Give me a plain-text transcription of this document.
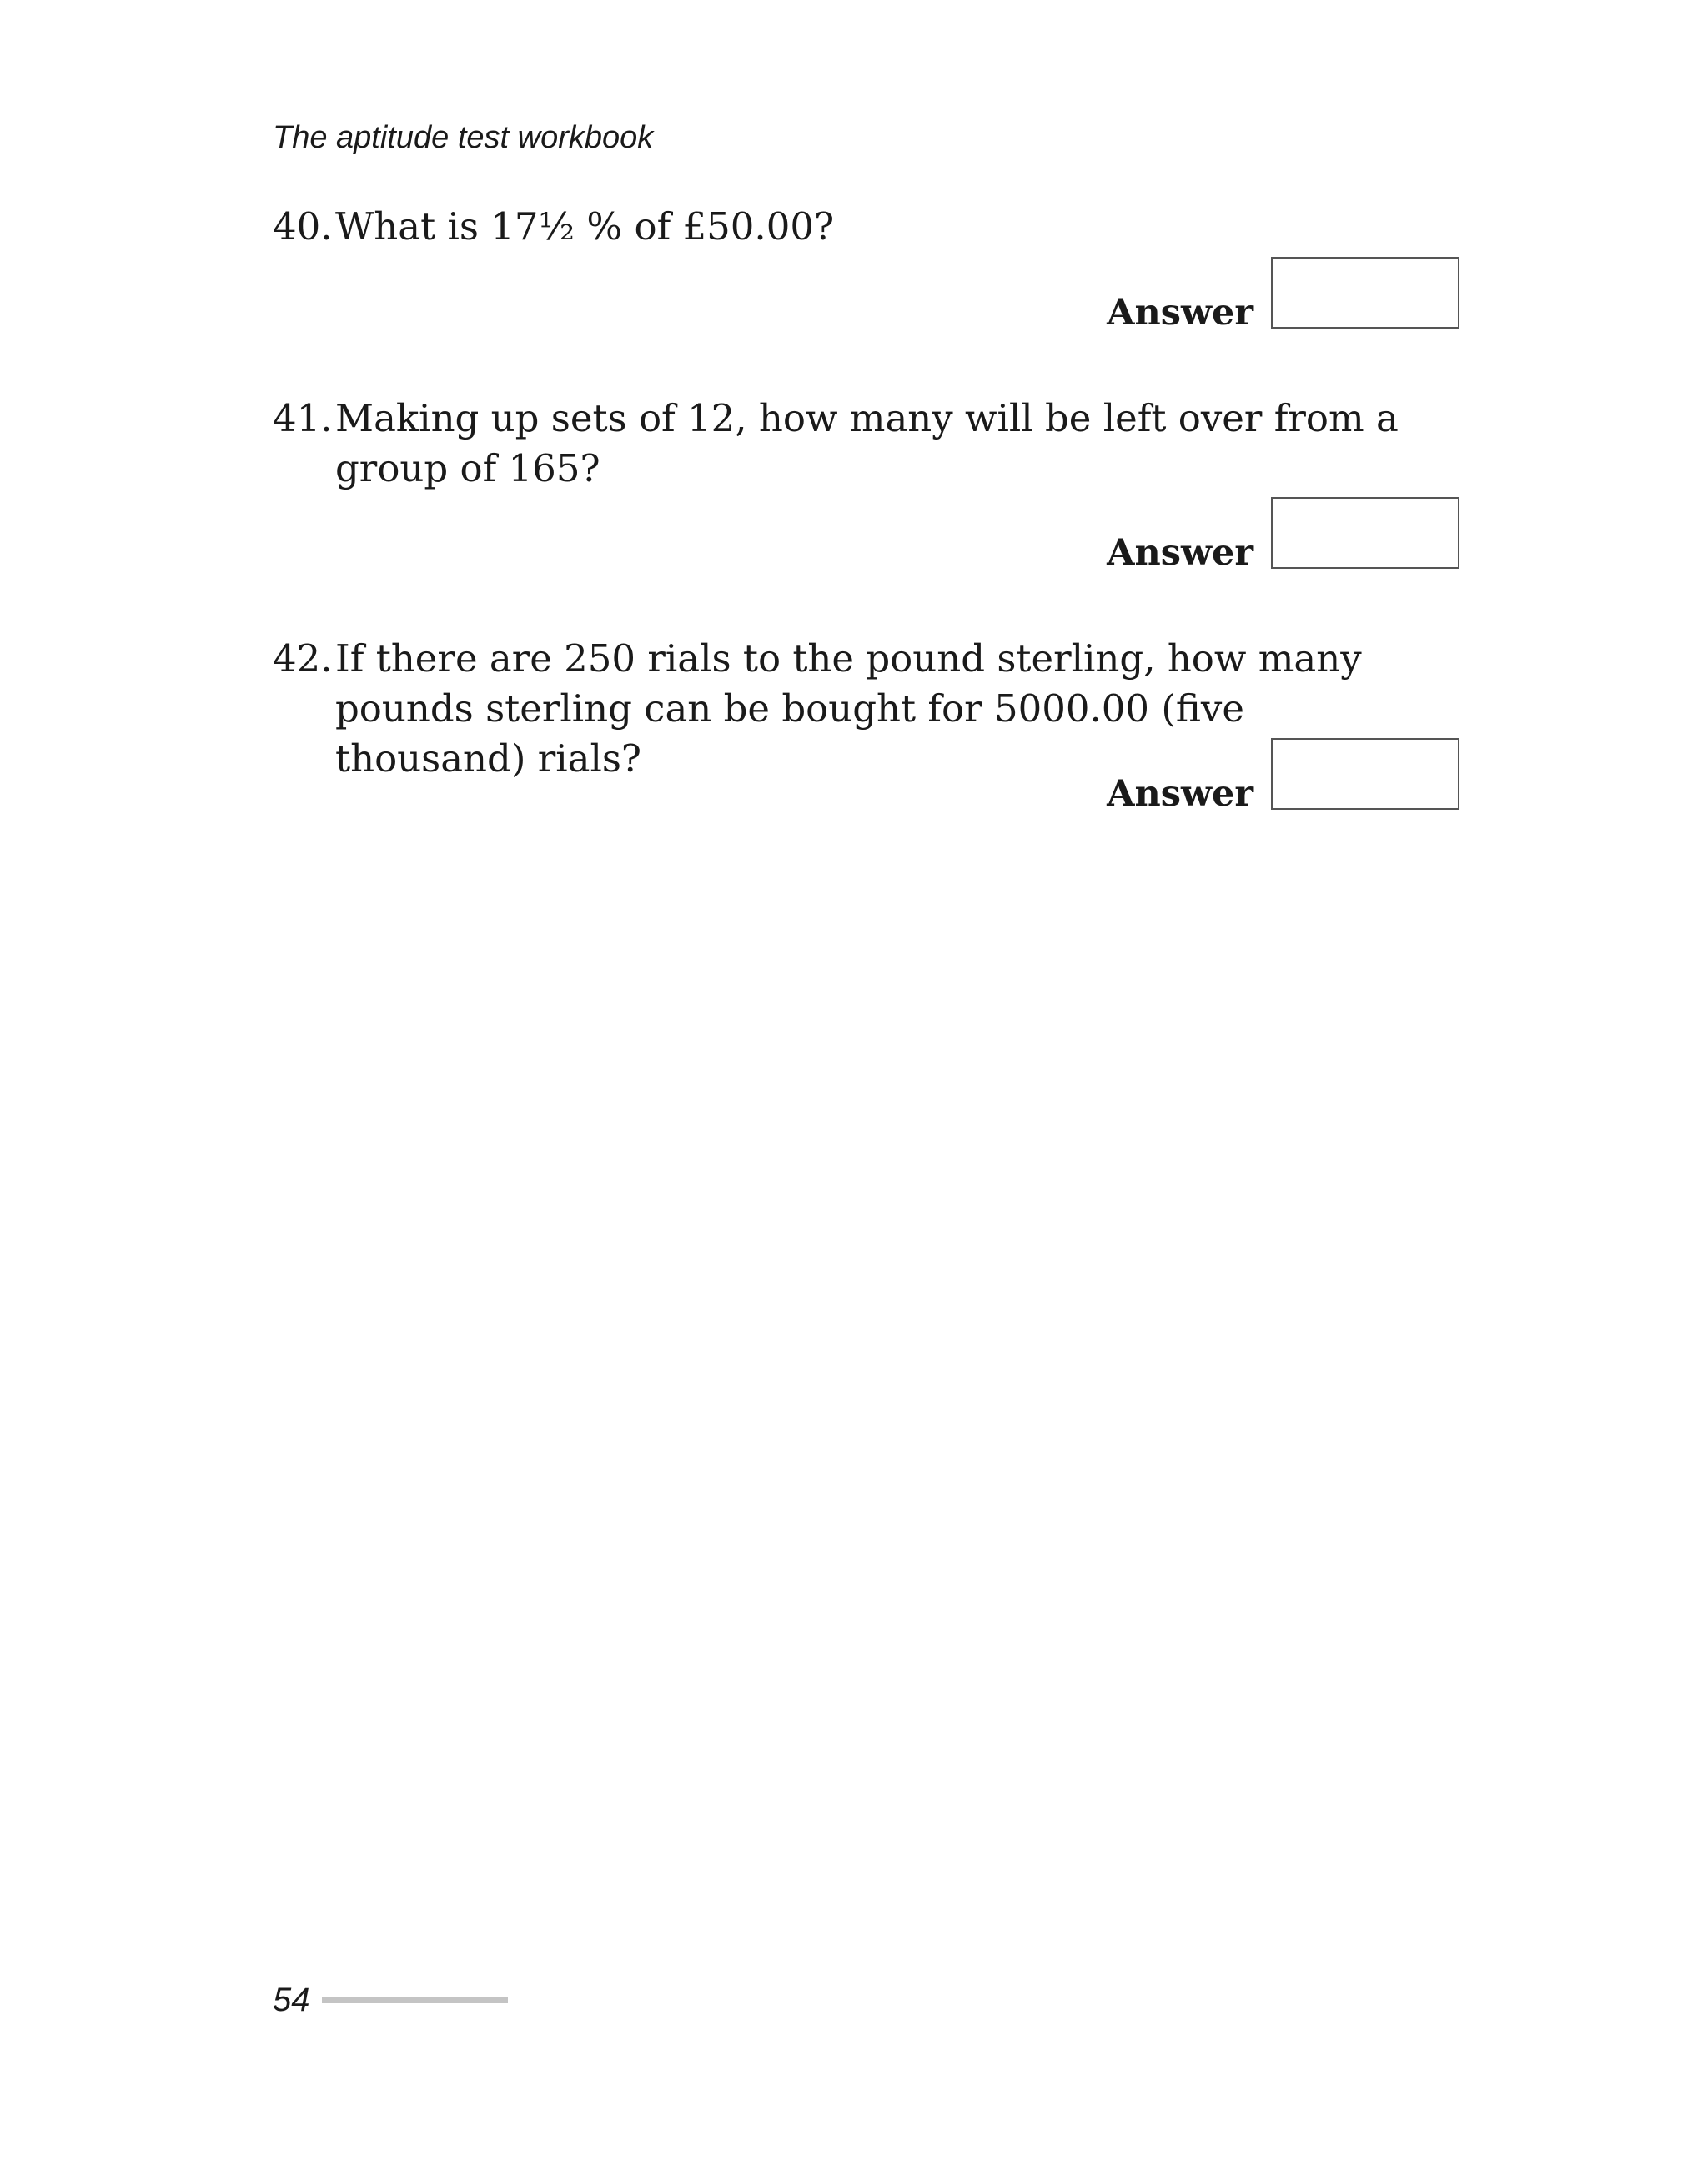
The aptitude test workbook
40. What is 17½ % of £50.00?
Answer
41. Making up sets of 12, how many will be left over from a group of 165?
Answer
42. If there are 250 rials to the pound sterling, how many pounds sterling can be bought for 5000.00 (five thousand) rials?
Answer
54
